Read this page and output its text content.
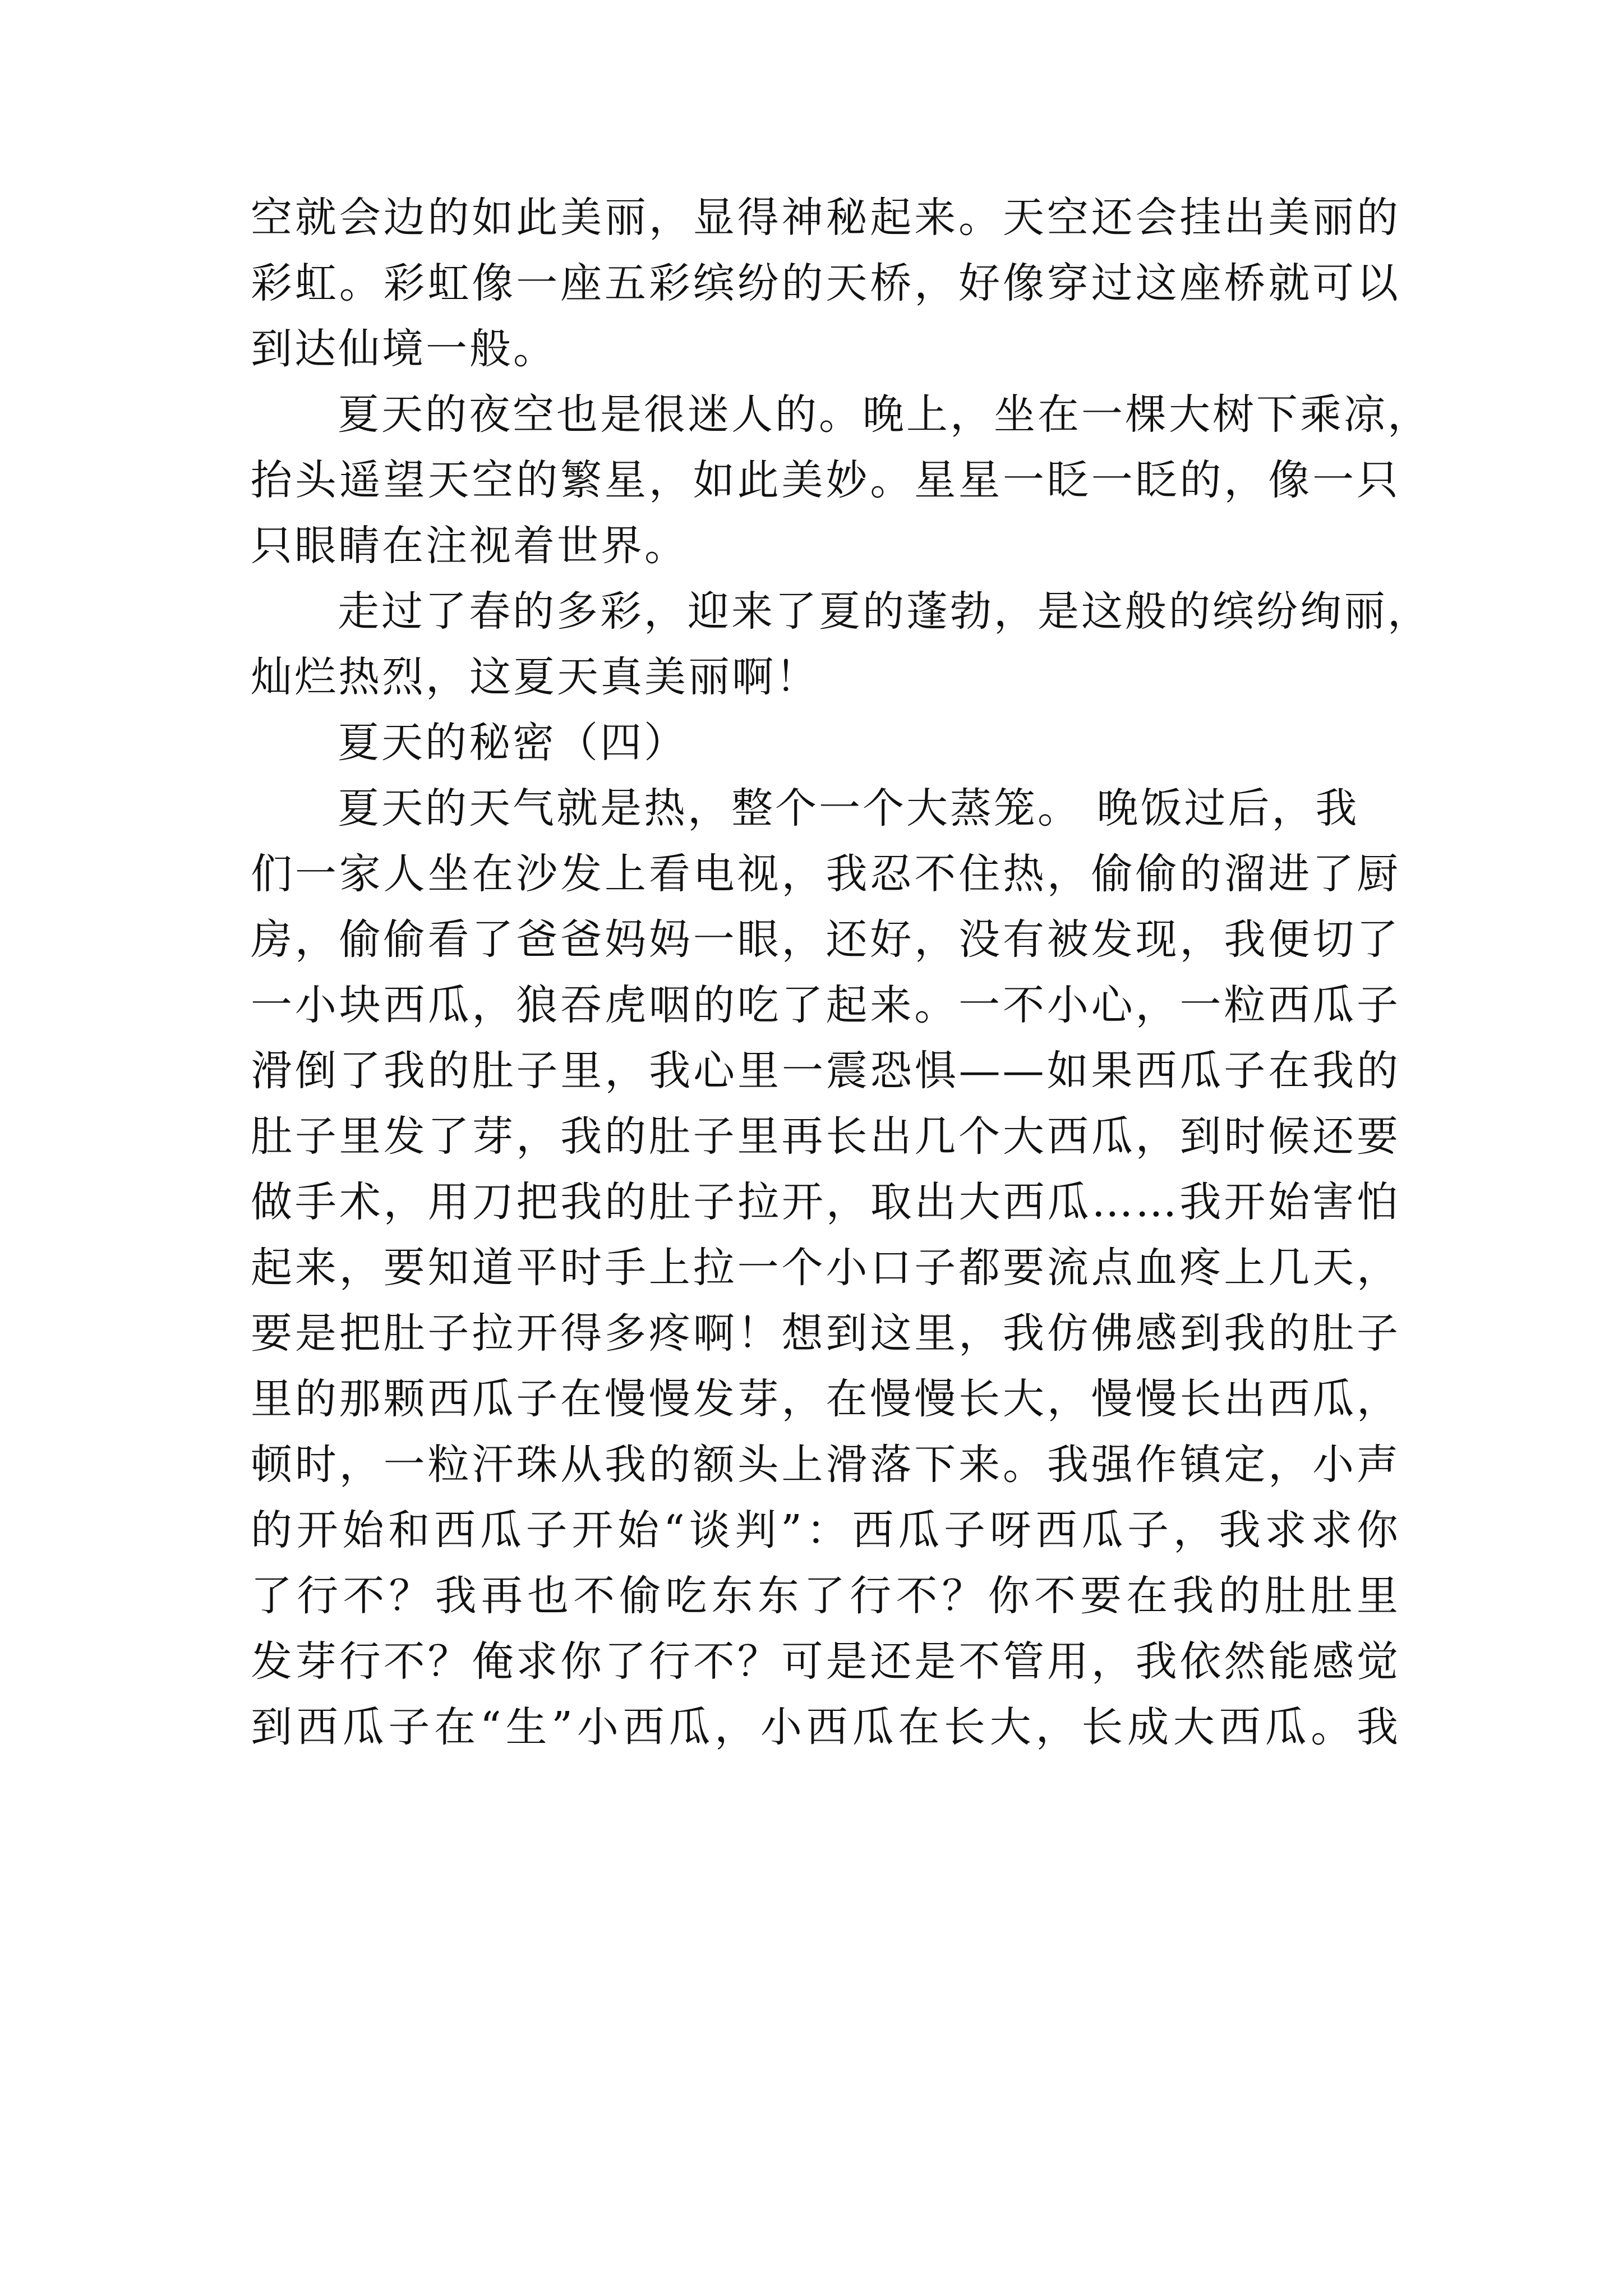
空就会边的如此美丽，显得神秘起来。天空还会挂出美丽的
彩虹。彩虹像一座五彩缤纷的天桥，好像穿过这座桥就可以
到达仙境一般。
夏天的夜空也是很迷人的。晚上，坐在一棵大树下乘凉，
抬头遥望天空的繁星，如此美妙。星星一眨一眨的，像一只
只眼睛在注视着世界。
走过了春的多彩，迎来了夏的蓬勃，是这般的缤纷绚丽，
灿烂热烈，这夏天真美丽啊！
夏天的秘密（四）
夏天的天气就是热，整个一个大蒸笼。 晚饭过后，我
们一家人坐在沙发上看电视，我忍不住热，偷偷的溜进了厨
房，偷偷看了爸爸妈妈一眼，还好，没有被发现，我便切了
一小块西瓜，狼吞虎咽的吃了起来。一不小心，一粒西瓜子
滑倒了我的肚子里，我心里一震恐惧——如果西瓜子在我的
肚子里发了芽，我的肚子里再长出几个大西瓜，到时候还要
做手术，用刀把我的肚子拉开，取出大西瓜……我开始害怕
起来，要知道平时手上拉一个小口子都要流点血疼上几天，
要是把肚子拉开得多疼啊！想到这里，我仿佛感到我的肚子
里的那颗西瓜子在慢慢发芽，在慢慢长大，慢慢长出西瓜，
顿时，一粒汗珠从我的额头上滑落下来。我强作镇定，小声
的开始和西瓜子开始“谈判”：西瓜子呀西瓜子，我求求你
了行不？我再也不偷吃东东了行不？你不要在我的肚肚里
发芽行不？俺求你了行不？可是还是不管用，我依然能感觉
到西瓜子在“生”小西瓜，小西瓜在长大，长成大西瓜。我
